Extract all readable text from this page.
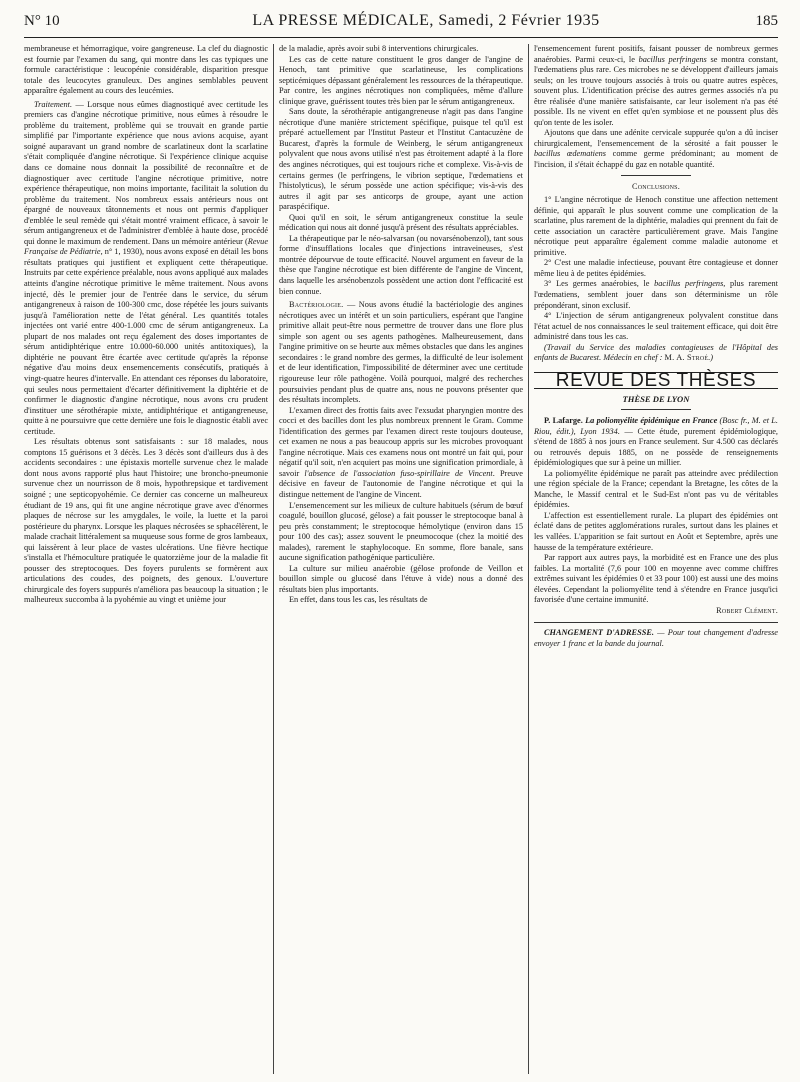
N° 10	LA PRESSE MÉDICALE, Samedi, 2 Février 1935	185

membraneuse et hémorragique, voire gangreneuse. La clef du diagnostic est fournie par l'examen du sang, qui montre dans les cas typiques une formule caractéristique : leucopénie considérable, disparition presque totale des leucocytes granuleux. Des angines semblables peuvent apparaître également au cours des leucémies.

Traitement. — Lorsque nous eûmes diagnostiqué avec certitude les premiers cas d'angine nécrotique primitive, nous eûmes à résoudre le problème du traitement, problème qui se trouvait en grande partie simplifié par l'importante expérience que nous avions acquise, ayant soigné auparavant un grand nombre de scarlatineux dont la scarlatine s'était compliquée d'angine nécrotique. Si l'expérience clinique acquise dans ce domaine nous donnait la possibilité de reconnaître et de diagnostiquer avec certitude l'angine nécrotique primitive, notre expérience thérapeutique, non moins importante, facilitait la solution du problème du traitement. Nos nombreux essais antérieurs nous ont épargné de nouveaux tâtonnements et nous ont permis d'appliquer d'emblée le seul remède qui s'était montré vraiment efficace, à savoir le sérum antigangreneux et de l'administrer d'emblée à haute dose, procédé qui donne le maximum de rendement. Dans un mémoire antérieur (Revue Française de Pédiatrie, n° 1, 1930), nous avons exposé en détail les bons résultats pratiques qui justifient et expliquent cette thérapeutique. Instruits par cette expérience préalable, nous avons appliqué aux malades atteints d'angine nécrotique primitive le même traitement. Nous avons injecté, dès le premier jour de l'entrée dans le service, du sérum antigangreneux à raison de 100-300 cmc, dose répétée les jours suivants jusqu'à l'amélioration nette de l'état général. Les quantités totales injectées ont varié entre 400-1.000 cmc de sérum antigangreneux. La plupart de nos malades ont reçu également des doses importantes de sérum antidiphtérique entre 10.000-60.000 unités antitoxiques), la diphtérie ne pouvant être écartée avec certitude qu'après la réponse négative d'au moins deux ensemencements consécutifs, pratiqués à vingt-quatre heures d'intervalle. En attendant ces réponses du laboratoire, qui seules nous permettaient d'écarter définitivement la diphtérie et de confirmer le diagnostic d'angine nécrotique, nous avons cru prudent d'instituer une sérothérapie mixte, antidiphtérique et antigangreneuse, quitte à ne poursuivre que cette dernière une fois le diagnostic établi avec certitude.

Les résultats obtenus sont satisfaisants : sur 18 malades, nous comptons 15 guérisons et 3 décès. Les 3 décès sont d'ailleurs dus à des accidents secondaires : une épistaxis mortelle survenue chez le malade dont nous avons rapporté plus haut l'histoire; une broncho-pneumonie survenue chez un nourrisson de 8 mois, hypothrepsique et tardivement soigné ; une septicopyohémie. Ce dernier cas concerne un malheureux étudiant de 19 ans, qui fit une angine nécrotique grave avec d'énormes plaques de nécrose sur les amygdales, le voile, la luette et la paroi postérieure du pharynx. Lorsque les plaques nécrosées se sphacélèrent, le malade crachait littéralement sa muqueuse sous forme de gros lambeaux, qui laissèrent à leur place de vastes ulcérations. Une fièvre hectique s'installa et l'hémoculture pratiquée le quatorzième jour de la maladie fit pousser des streptocoques. Des foyers purulents se formèrent aux articulations des coudes, des poignets, des genoux. L'ouverture chirurgicale des foyers suppurés n'améliora pas beaucoup la situation ; le malheureux succomba à la pyohémie au vingt et unième jour

de la maladie, après avoir subi 8 interventions chirurgicales.

Les cas de cette nature constituent le gros danger de l'angine de Henoch, tant primitive que scarlatineuse, les complications septicémiques dépassant généralement les ressources de la thérapeutique. Par contre, les angines nécrotiques non compliquées, même d'allure clinique grave, guérissent toutes très bien par le sérum antigangreneux.

Sans doute, la sérothérapie antigangreneuse n'agit pas dans l'angine nécrotique d'une manière strictement spécifique, puisque tel qu'il est préparé actuellement par l'Institut Pasteur et l'Institut Cantacuzène de Bucarest, d'après la formule de Weinberg, le sérum antigangreneux polyvalent que nous avons utilisé n'est pas étroitement adapté à la flore des angines nécrotiques, qui est toujours riche et complexe. Vis-à-vis de certains germes (le perfringens, le vibrion septique, l'œdematiens et l'histolyticus), le sérum possède une action spécifique; vis-à-vis des autres il agit par ses anticorps de groupe, ayant une action paraspécifique.

Quoi qu'il en soit, le sérum antigangreneux constitue la seule médication qui nous ait donné jusqu'à présent des résultats appréciables.

La thérapeutique par le néo-salvarsan (ou novarsénobenzol), tant sous forme d'insufflations locales que d'injections intraveineuses, s'est montrée dépourvue de toute efficacité. Nouvel argument en faveur de la thèse que l'angine nécrotique est bien différente de l'angine de Vincent, dans laquelle les arsénobenzols possèdent une action dont l'efficacité est bien connue.

Bactériologie. — Nous avons étudié la bactériologie des angines nécrotiques avec un intérêt et un soin particuliers, espérant que l'angine primitive allait peut-être nous permettre de trouver dans une flore plus simple son agent ou ses agents pathogènes. Malheureusement, dans l'angine primitive on se heurte aux mêmes obstacles que dans les angines secondaires : le grand nombre des germes, la difficulté de leur isolement et de leur identification, l'impossibilité de déterminer avec une certitude rigoureuse leur rôle pathogène. Voilà pourquoi, malgré des recherches poursuivies pendant plus de quatre ans, nous ne pouvons présenter que des résultats incomplets.

L'examen direct des frottis faits avec l'exsudat pharyngien montre des cocci et des bacilles dont les plus nombreux prennent le Gram. Comme l'identification des germes par l'examen direct reste toujours douteuse, cet examen ne nous a pas beaucoup appris sur les microbes provoquant l'angine nécrotique. Mais ces examens nous ont montré un fait qui, pour négatif qu'il soit, n'en acquiert pas moins une signification primordiale, à savoir l'absence de l'association fuso-spirillaire de Vincent. Preuve décisive en faveur de l'autonomie de l'angine nécrotique et qui la distingue nettement de l'angine de Vincent.

L'ensemencement sur les milieux de culture habituels (sérum de bœuf coagulé, bouillon glucosé, gélose) a fait pousser le streptocoque banal à peu près constamment; le streptocoque hémolytique (environ dans 15 pour 100 des cas); assez souvent le pneumocoque (chez la moitié des malades), rarement le staphylocoque. En somme, flore banale, sans aucune signification pathogénique particulière.

La culture sur milieu anaérobie (gélose profonde de Veillon et bouillon simple ou glucosé dans l'étuve à vide) nous a donné des résultats bien plus importants.

En effet, dans tous les cas, les résultats de

l'ensemencement furent positifs, faisant pousser de nombreux germes anaérobies. Parmi ceux-ci, le bacillus perfringens se montra constant, l'œdematiens plus rare. Ces microbes ne se développent d'ailleurs jamais seuls; on les trouve toujours associés à trois ou quatre autres espèces, souvent plus. L'identification précise des autres germes associés n'a pu être réalisée d'une manière satisfaisante, car leur isolement n'a pas été possible. Ils ne vivent en effet qu'en symbiose et ne poussent plus dès qu'on tente de les isoler.

Ajoutons que dans une adénite cervicale suppurée qu'on a dû inciser chirurgicalement, l'ensemencement de la sérosité a fait pousser le bacillus œdematiens comme germe prédominant; au moment de l'incision, il s'était échappé du gaz en notable quantité.

Conclusions.

1° L'angine nécrotique de Henoch constitue une affection nettement définie, qui apparaît le plus souvent comme une complication de la scarlatine, plus rarement de la diphtérie, maladies qui prennent du fait de cette association un caractère particulièrement grave. Mais l'angine nécrotique peut apparaître également comme maladie autonome et primitive.

2° C'est une maladie infectieuse, pouvant être contagieuse et donner même lieu à de petites épidémies.

3° Les germes anaérobies, le bacillus perfringens, plus rarement l'œdematiens, semblent jouer dans son déterminisme un rôle prépondérant, sinon exclusif.

4° L'injection de sérum antigangreneux polyvalent constitue dans l'état actuel de nos connaissances le seul traitement efficace, qui doit être administré dans tous les cas.

(Travail du Service des maladies contagieuses de l'Hôpital des enfants de Bucarest. Médecin en chef : M. A. Stroé.)

REVUE DES THÈSES
THÈSE DE LYON

P. Lafarge. La poliomyélite épidémique en France (Bosc fr., M. et L. Riou, édit.), Lyon 1934. — Cette étude, purement épidémiologique, s'étend de 1885 à nos jours en France seulement. Sur 4.500 cas déclarés ou retrouvés depuis 1885, on ne possède de renseignements épidémiologiques que sur à peine un millier.

La poliomyélite épidémique ne paraît pas atteindre avec prédilection une région spéciale de la France; cependant la Bretagne, les côtes de la Manche, le Massif central et le Sud-Est n'ont pas vu de véritables épidémies.

L'affection est essentiellement rurale. La plupart des épidémies ont éclaté dans de petites agglomérations rurales, surtout dans les plaines et les vallées. L'apparition se fait surtout en Août et Septembre, après une hausse de la température extérieure.

Par rapport aux autres pays, la morbidité est en France une des plus faibles. La mortalité (7,6 pour 100 en moyenne avec comme chiffres extrêmes suivant les épidémies 0 et 33 pour 100) est aussi une des moins élevées. Cependant la poliomyélite tend à s'étendre en France jusqu'ici favorisée d'une certaine immunité.

Robert Clément.

CHANGEMENT D'ADRESSE. — Pour tout changement d'adresse envoyer 1 franc et la bande du journal.
